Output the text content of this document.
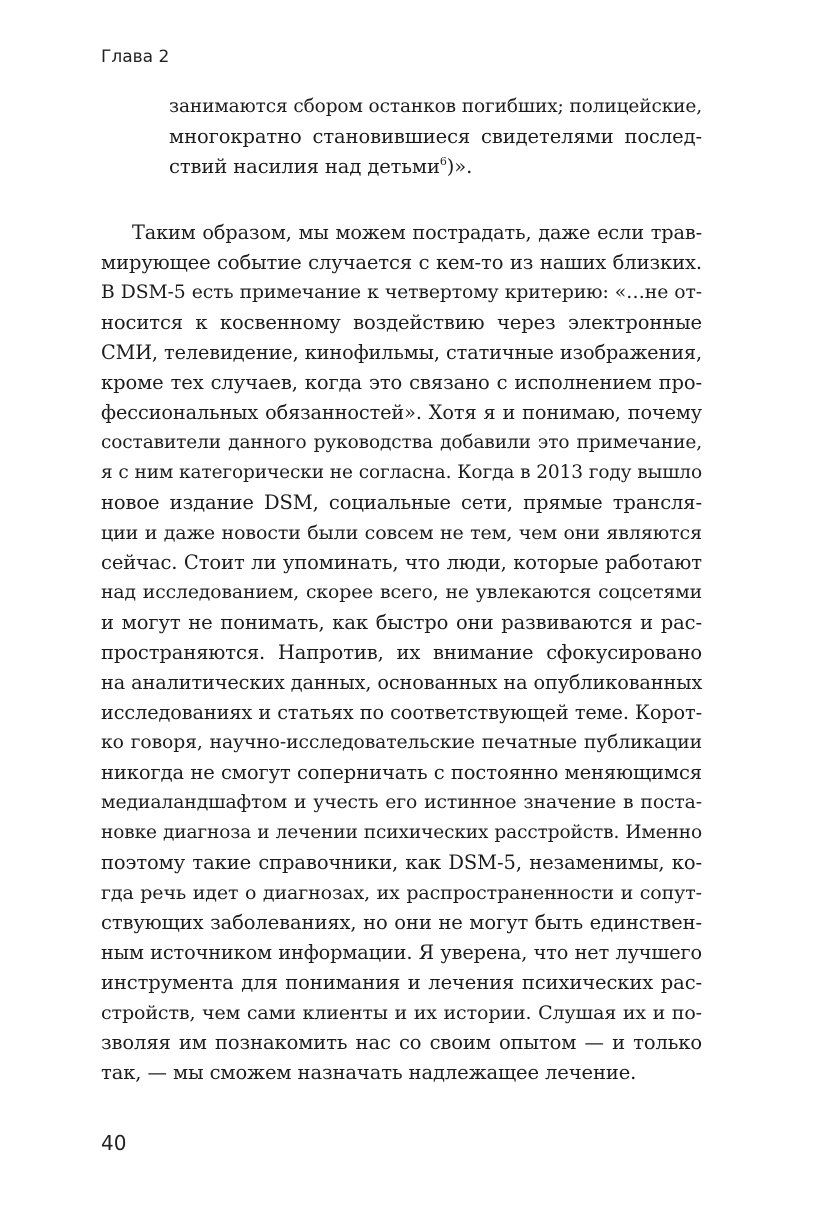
Глава 2
занимаются сбором останков погибших; полицейские,
многократно становившиеся свидетелями послед-
ствий насилия над детьми$^6$)».
Таким образом, мы можем пострадать, даже если трав-
мирующее событие случается с кем-то из наших близких.
В DSM-5 есть примечание к четвертому критерию: «…не от-
носится к косвенному воздействию через электронные
СМИ, телевидение, кинофильмы, статичные изображения,
кроме тех случаев, когда это связано с исполнением про-
фессиональных обязанностей». Хотя я и понимаю, почему
составители данного руководства добавили это примечание,
я с ним категорически не согласна. Когда в 2013 году вышло
новое издание DSM, социальные сети, прямые трансля-
ции и даже новости были совсем не тем, чем они являются
сейчас. Стоит ли упоминать, что люди, которые работают
над исследованием, скорее всего, не увлекаются соцсетями
и могут не понимать, как быстро они развиваются и рас-
пространяются. Напротив, их внимание сфокусировано
на аналитических данных, основанных на опубликованных
исследованиях и статьях по соответствующей теме. Корот-
ко говоря, научно-исследовательские печатные публикации
никогда не смогут соперничать с постоянно меняющимся
медиаландшафтом и учесть его истинное значение в поста-
новке диагноза и лечении психических расстройств. Именно
поэтому такие справочники, как DSM-5, незаменимы, ко-
гда речь идет о диагнозах, их распространенности и сопут-
ствующих заболеваниях, но они не могут быть единствен-
ным источником информации. Я уверена, что нет лучшего
инструмента для понимания и лечения психических рас-
стройств, чем сами клиенты и их истории. Слушая их и по-
зволяя им познакомить нас со своим опытом — и только
так, — мы сможем назначать надлежащее лечение.
40
